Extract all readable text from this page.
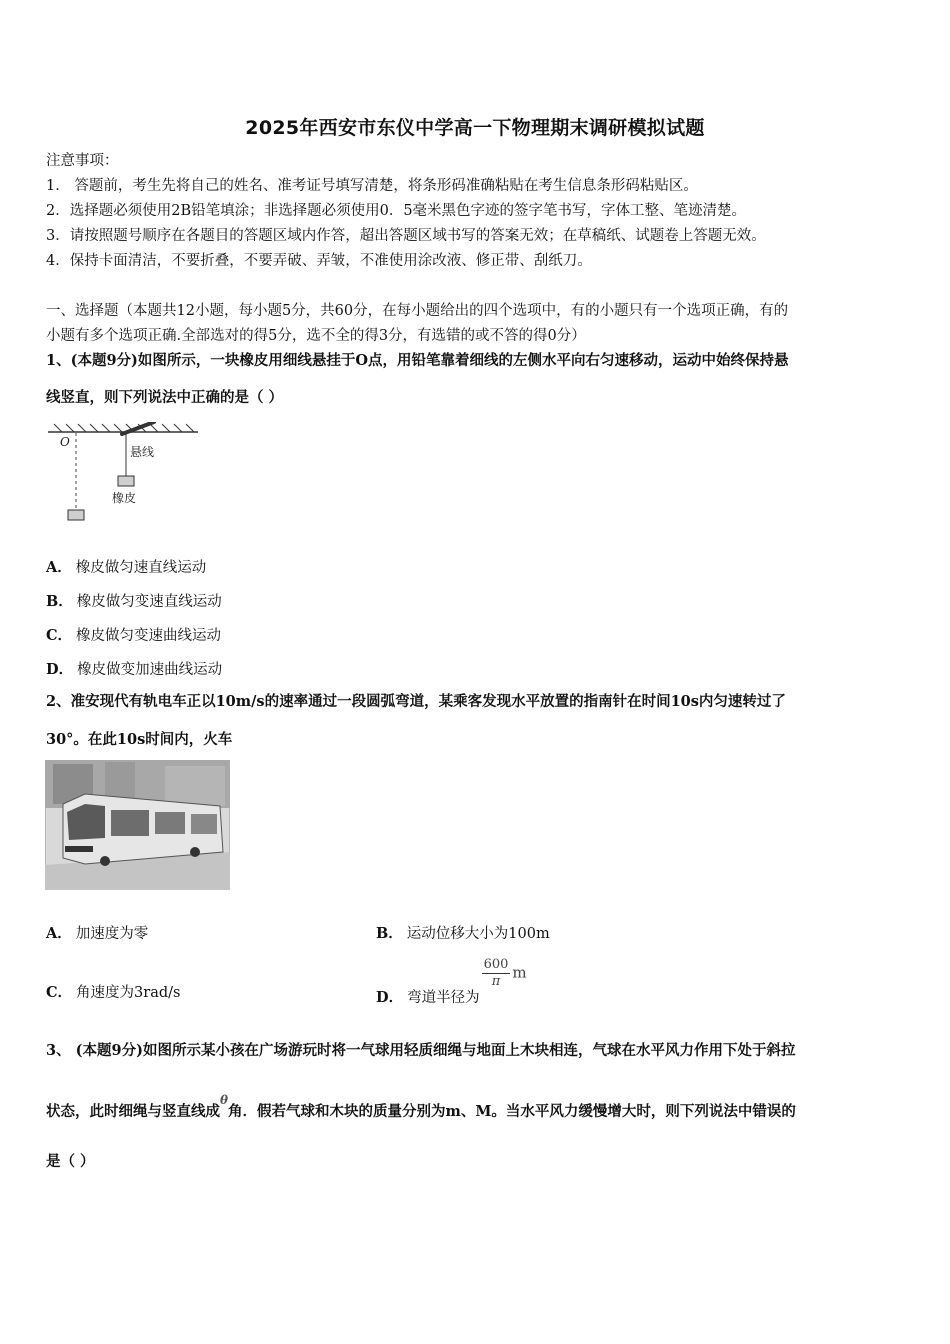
2025年西安市东仪中学高一下物理期末调研模拟试题
注意事项：
1． 答题前，考生先将自己的姓名、准考证号填写清楚，将条形码准确粘贴在考生信息条形码粘贴区。
2．选择题必须使用2B铅笔填涂；非选择题必须使用0．5毫米黑色字迹的签字笔书写，字体工整、笔迹清楚。
3．请按照题号顺序在各题目的答题区域内作答，超出答题区域书写的答案无效；在草稿纸、试题卷上答题无效。
4．保持卡面清洁，不要折叠，不要弄破、弄皱，不准使用涂改液、修正带、刮纸刀。
一、选择题（本题共12小题，每小题5分，共60分，在每小题给出的四个选项中，有的小题只有一个选项正确，有的
小题有多个选项正确.全部选对的得5分，选不全的得3分，有选错的或不答的得0分）
1、(本题9分)如图所示，一块橡皮用细线悬挂于O点，用铅笔靠着细线的左侧水平向右匀速移动，运动中始终保持悬
线竖直，则下列说法中正确的是（ ）
O
悬线
橡皮
A． 橡皮做匀速直线运动
B． 橡皮做匀变速直线运动
C． 橡皮做匀变速曲线运动
D． 橡皮做变加速曲线运动
2、准安现代有轨电车正以10m/s的速率通过一段圆弧弯道，某乘客发现水平放置的指南针在时间10s内匀速转过了
30°。在此10s时间内，火车
A． 加速度为零	B． 运动位移大小为100m
C． 角速度为3rad/s	D． 弯道半径为
$\frac{600}{\pi}$ m
3、 (本题9分)如图所示某小孩在广场游玩时将一气球用轻质细绳与地面上木块相连，气球在水平风力作用下处于斜拉
状态，此时细绳与竖直线成$^\theta$角．假若气球和木块的质量分别为m、M。当水平风力缓慢增大时，则下列说法中错误的
是（ ）
